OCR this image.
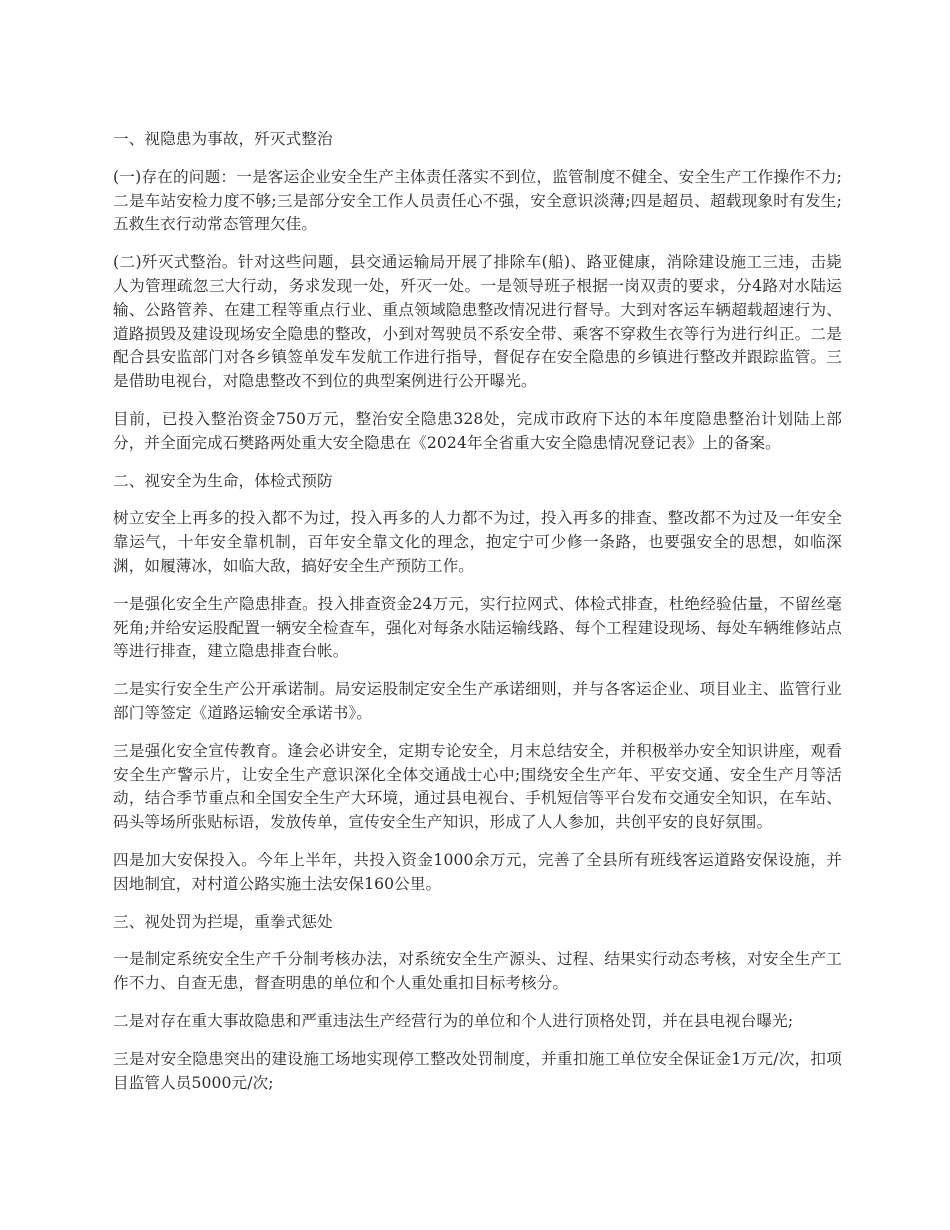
一、视隐患为事故，歼灭式整治

(一)存在的问题：一是客运企业安全生产主体责任落实不到位，监管制度不健全、安全生产工作操作不力;二是车站安检力度不够;三是部分安全工作人员责任心不强，安全意识淡薄;四是超员、超载现象时有发生;五救生衣行动常态管理欠佳。

(二)歼灭式整治。针对这些问题，县交通运输局开展了排除车(船)、路亚健康，消除建设施工三违，击毙人为管理疏忽三大行动，务求发现一处，歼灭一处。一是领导班子根据一岗双责的要求，分4路对水陆运输、公路管养、在建工程等重点行业、重点领域隐患整改情况进行督导。大到对客运车辆超载超速行为、道路损毁及建设现场安全隐患的整改，小到对驾驶员不系安全带、乘客不穿救生衣等行为进行纠正。二是配合县安监部门对各乡镇签单发车发航工作进行指导，督促存在安全隐患的乡镇进行整改并跟踪监管。三是借助电视台，对隐患整改不到位的典型案例进行公开曝光。

目前，已投入整治资金750万元，整治安全隐患328处，完成市政府下达的本年度隐患整治计划陆上部分，并全面完成石樊路两处重大安全隐患在《2024年全省重大安全隐患情况登记表》上的备案。

二、视安全为生命，体检式预防

树立安全上再多的投入都不为过，投入再多的人力都不为过，投入再多的排查、整改都不为过及一年安全靠运气，十年安全靠机制，百年安全靠文化的理念，抱定宁可少修一条路，也要强安全的思想，如临深渊，如履薄冰，如临大敌，搞好安全生产预防工作。

一是强化安全生产隐患排查。投入排查资金24万元，实行拉网式、体检式排查，杜绝经验估量，不留丝毫死角;并给安运股配置一辆安全检查车，强化对每条水陆运输线路、每个工程建设现场、每处车辆维修站点等进行排查，建立隐患排查台帐。

二是实行安全生产公开承诺制。局安运股制定安全生产承诺细则，并与各客运企业、项目业主、监管行业部门等签定《道路运输安全承诺书》。

三是强化安全宣传教育。逢会必讲安全，定期专论安全，月末总结安全，并积极举办安全知识讲座，观看安全生产警示片，让安全生产意识深化全体交通战士心中;围绕安全生产年、平安交通、安全生产月等活动，结合季节重点和全国安全生产大环境，通过县电视台、手机短信等平台发布交通安全知识，在车站、码头等场所张贴标语，发放传单，宣传安全生产知识，形成了人人参加，共创平安的良好氛围。

四是加大安保投入。今年上半年，共投入资金1000余万元，完善了全县所有班线客运道路安保设施，并因地制宜，对村道公路实施土法安保160公里。

三、视处罚为拦堤，重拳式惩处

一是制定系统安全生产千分制考核办法，对系统安全生产源头、过程、结果实行动态考核，对安全生产工作不力、自查无患，督查明患的单位和个人重处重扣目标考核分。

二是对存在重大事故隐患和严重违法生产经营行为的单位和个人进行顶格处罚，并在县电视台曝光;

三是对安全隐患突出的建设施工场地实现停工整改处罚制度，并重扣施工单位安全保证金1万元/次，扣项目监管人员5000元/次;
